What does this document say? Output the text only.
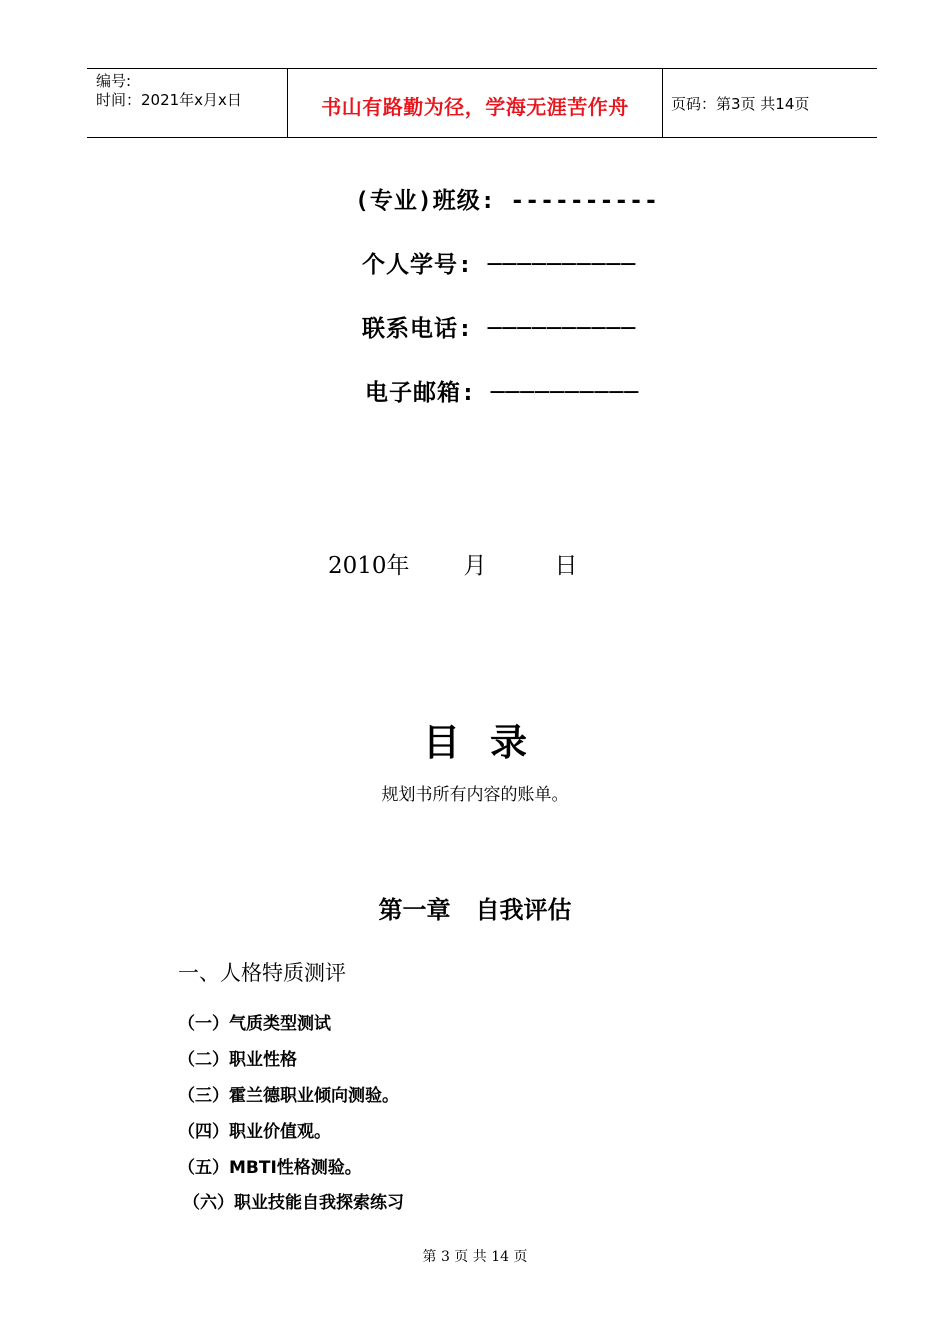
编号:
时间：2021年x月x日	书山有路勤为径，学海无涯苦作舟	页码：第3页 共14页
(专业)班级: ----------
个人学号: ──────────
联系电话: ──────────
电子邮箱: ──────────
2010年 月	日
目录
规划书所有内容的账单。
第一章   自我评估
一、人格特质测评
（一）气质类型测试
（二）职业性格
（三）霍兰德职业倾向测验。
（四）职业价值观。
（五）MBTI性格测验。
（六）职业技能自我探索练习
第 3 页 共 14 页
